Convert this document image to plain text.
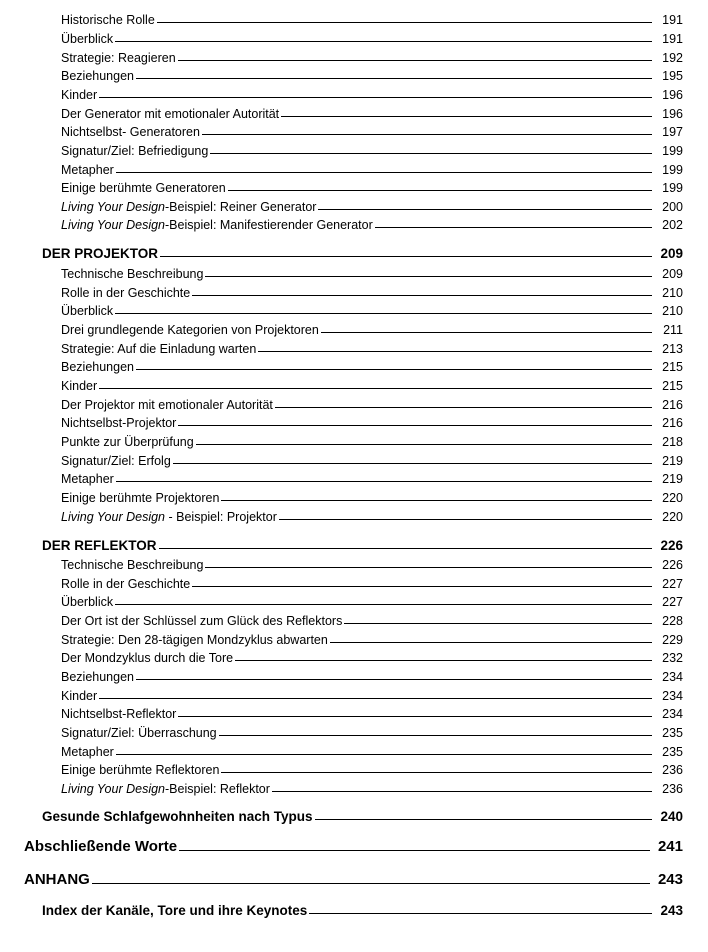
Historische Rolle	191
Überblick	191
Strategie: Reagieren	192
Beziehungen	195
Kinder	196
Der Generator mit emotionaler Autorität	196
Nichtselbst- Generatoren	197
Signatur/Ziel: Befriedigung	199
Metapher	199
Einige berühmte Generatoren	199
Living Your Design-Beispiel: Reiner Generator	200
Living Your Design-Beispiel: Manifestierender Generator	202
DER PROJEKTOR	209
Technische Beschreibung	209
Rolle in der Geschichte	210
Überblick	210
Drei grundlegende Kategorien von Projektoren	211
Strategie: Auf die Einladung warten	213
Beziehungen	215
Kinder	215
Der Projektor mit emotionaler Autorität	216
Nichtselbst-Projektor	216
Punkte zur Überprüfung	218
Signatur/Ziel: Erfolg	219
Metapher	219
Einige berühmte Projektoren	220
Living Your Design - Beispiel: Projektor	220
DER REFLEKTOR	226
Technische Beschreibung	226
Rolle in der Geschichte	227
Überblick	227
Der Ort ist der Schlüssel zum Glück des Reflektors	228
Strategie: Den 28-tägigen Mondzyklus abwarten	229
Der Mondzyklus durch die Tore	232
Beziehungen	234
Kinder	234
Nichtselbst-Reflektor	234
Signatur/Ziel: Überraschung	235
Metapher	235
Einige berühmte Reflektoren	236
Living Your Design-Beispiel: Reflektor	236
Gesunde Schlafgewohnheiten nach Typus	240
Abschließende Worte	241
ANHANG	243
Index der Kanäle, Tore und ihre Keynotes	243
